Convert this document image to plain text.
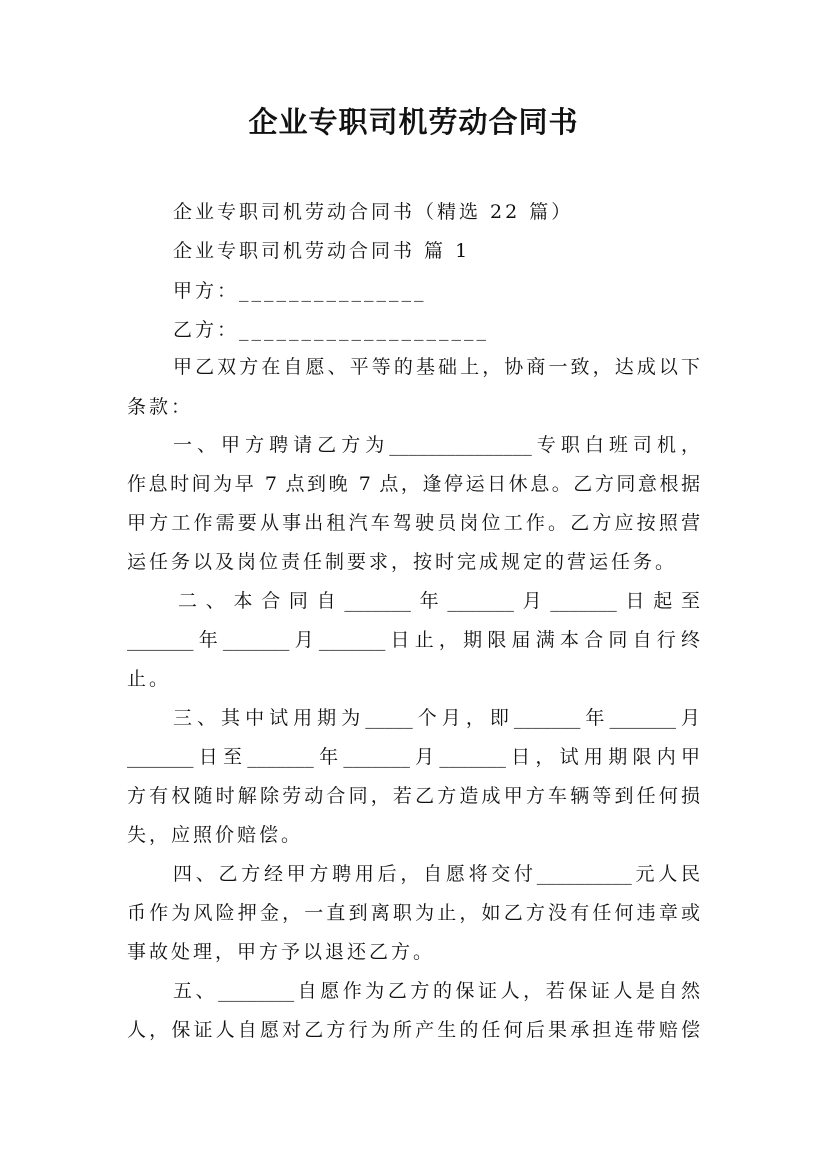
企业专职司机劳动合同书
企业专职司机劳动合同书（精选 22 篇）
企业专职司机劳动合同书 篇 1
甲方：_______________
乙方：____________________
甲乙双方在自愿、平等的基础上，协商一致，达成以下
条款：
一、甲方聘请乙方为_______________专职白班司机，
作息时间为早 7 点到晚 7 点，逢停运日休息。乙方同意根据
甲方工作需要从事出租汽车驾驶员岗位工作。乙方应按照营
运任务以及岗位责任制要求，按时完成规定的营运任务。
二、本合同自_______年_______月_______日起至
_______年_______月_______日止，期限届满本合同自行终
止。
三、其中试用期为_____个月，即_______年_______月
_______日至_______年_______月_______日，试用期限内甲
方有权随时解除劳动合同，若乙方造成甲方车辆等到任何损
失，应照价赔偿。
四、乙方经甲方聘用后，自愿将交付__________元人民
币作为风险押金，一直到离职为止，如乙方没有任何违章或
事故处理，甲方予以退还乙方。
五、________自愿作为乙方的保证人，若保证人是自然
人，保证人自愿对乙方行为所产生的任何后果承担连带赔偿
